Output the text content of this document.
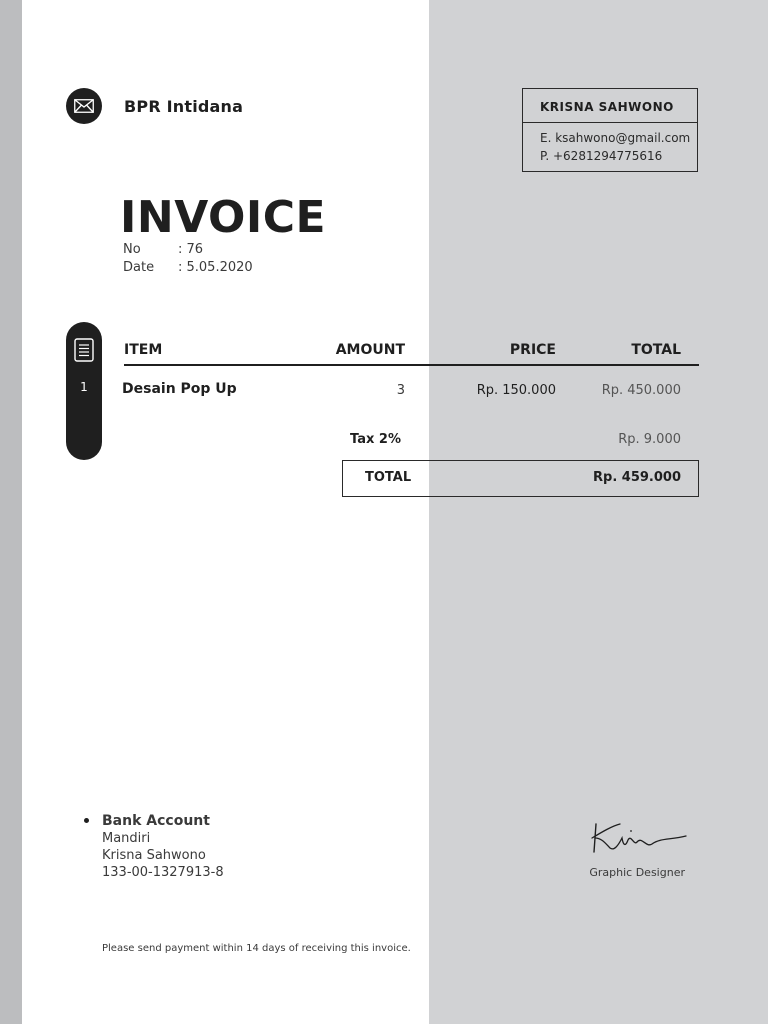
BPR Intidana	KRISNA SAHWONO
E. ksahwono@gmail.com
P. +6281294775616
INVOICE
No	: 76
Date : 5.05.2020
1
ITEM	AMOUNT	PRICE	TOTAL
Desain Pop Up	3	Rp. 150.000	Rp. 450.000
Tax 2%	Rp. 9.000
TOTAL	Rp. 459.000
Bank Account
Mandiri
Krisna Sahwono
133-00-1327913-8	Graphic Designer
Please send payment within 14 days of receiving this invoice.
